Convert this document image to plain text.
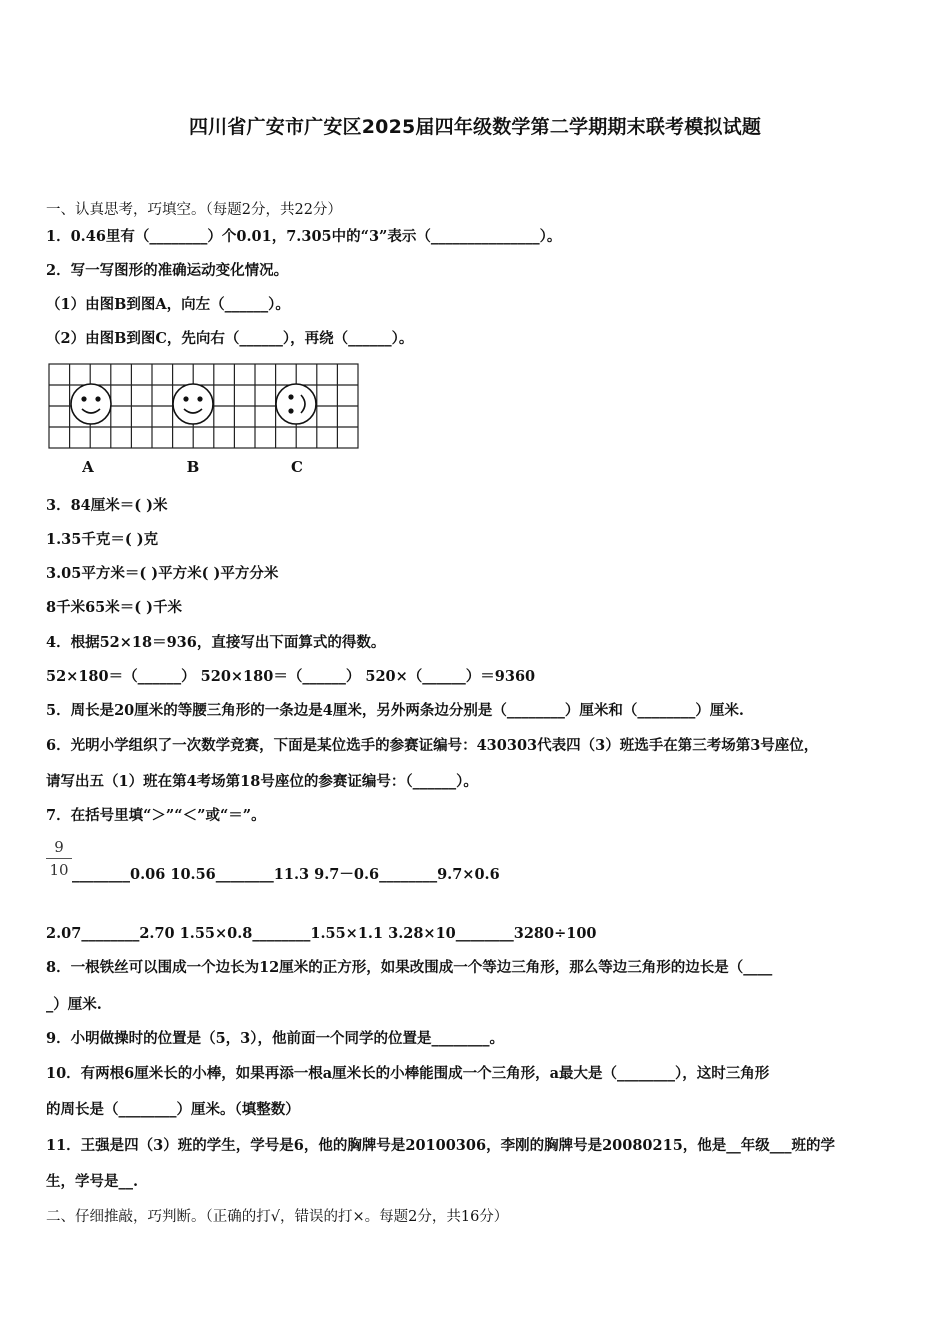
四川省广安市广安区2025届四年级数学第二学期期末联考模拟试题
一、认真思考，巧填空。（每题2分，共22分）
1．0.46里有（________）个0.01，7.305中的“3”表示（_______________）。
2．写一写图形的准确运动变化情况。
（1）由图B到图A，向左（______）。
（2）由图B到图C，先向右（______），再绕（______）。
A	B	C
3．84厘米＝( )米
1.35千克＝( )克
3.05平方米＝( )平方米( )平方分米
8千米65米＝( )千米
4．根据52×18＝936，直接写出下面算式的得数。
52×180＝（______） 520×180＝（______） 520×（______）＝9360
5．周长是20厘米的等腰三角形的一条边是4厘米，另外两条边分别是（________）厘米和（________）厘米.
6．光明小学组织了一次数学竞赛，下面是某位选手的参赛证编号：430303代表四（3）班选手在第三考场第3号座位，
请写出五（1）班在第4考场第18号座位的参赛证编号：（______）。
7．在括号里填“＞”“＜”或“＝”。
9
10 ________0.06 10.56________11.3 9.7－0.6________9.7×0.6
2.07________2.70 1.55×0.8________1.55×1.1 3.28×10________3280÷100
8．一根铁丝可以围成一个边长为12厘米的正方形，如果改围成一个等边三角形，那么等边三角形的边长是（____
_）厘米.
9．小明做操时的位置是（5，3），他前面一个同学的位置是________。
10．有两根6厘米长的小棒，如果再添一根a厘米长的小棒能围成一个三角形，a最大是（________），这时三角形
的周长是（________）厘米。（填整数）
11．王强是四（3）班的学生，学号是6，他的胸牌号是20100306，李刚的胸牌号是20080215，他是__年级___班的学
生，学号是__.
二、仔细推敲，巧判断。（正确的打√，错误的打×。每题2分，共16分）
